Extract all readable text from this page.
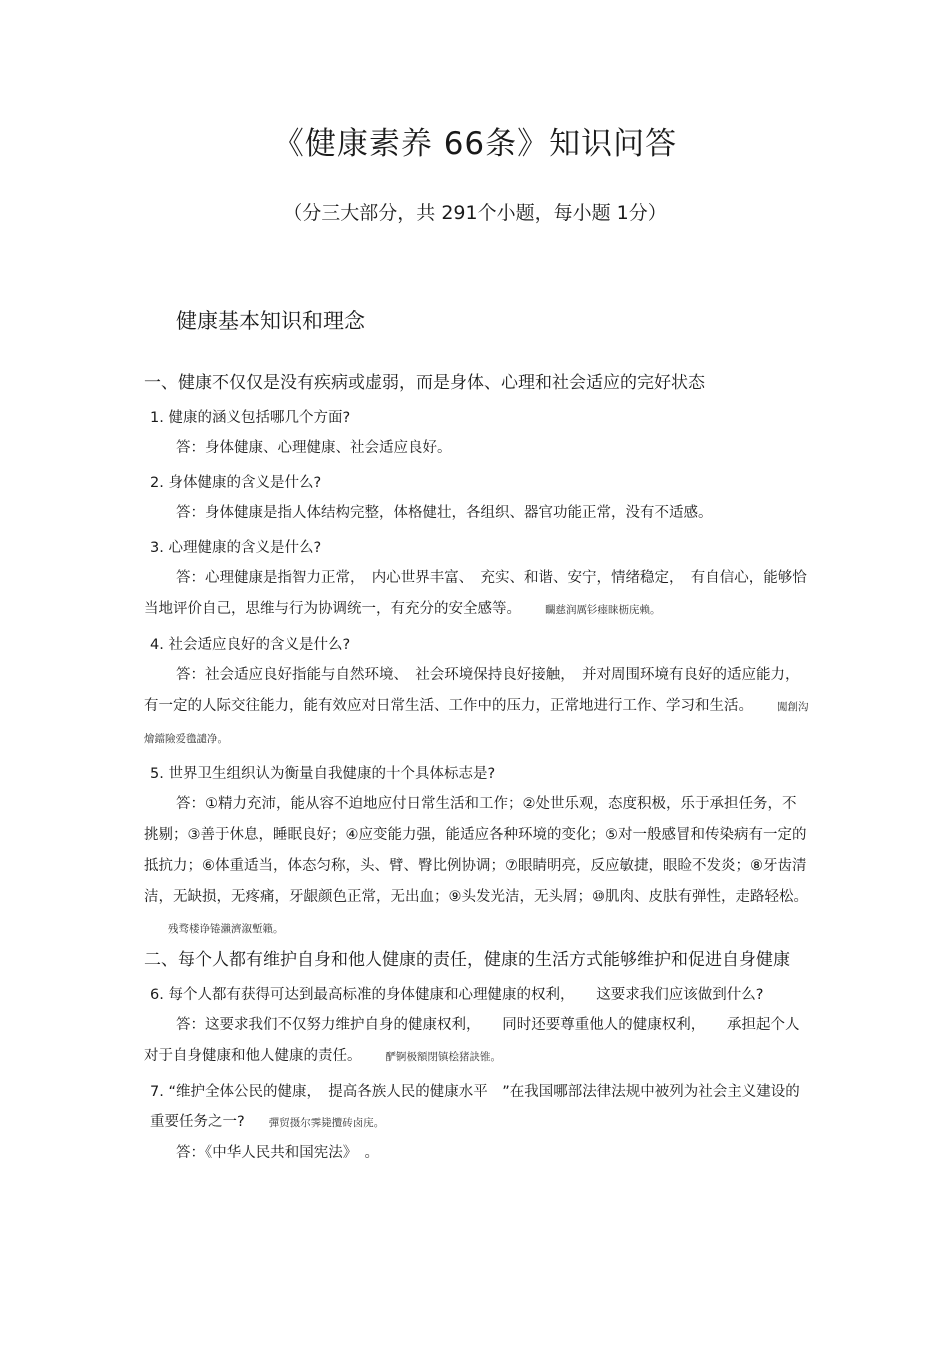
《健康素养 66条》知识问答
（分三大部分，共 291个小题，每小题 1分）
健康基本知识和理念

一、健康不仅仅是没有疾病或虚弱，而是身体、心理和社会适应的完好状态

1. 健康的涵义包括哪几个方面?

答：身体健康、心理健康、社会适应良好。

2. 身体健康的含义是什么?

答：身体健康是指人体结构完整，体格健壮，各组织、器官功能正常，没有不适感。

3. 心理健康的含义是什么?

答：心理健康是指智力正常，　内心世界丰富、　充实、和谐、安宁，情绪稳定，　有自信心，能够恰当地评价自己，思维与行为协调统一，有充分的安全感等。 矙慈润厲钐瘗睐枥庑赖。

4. 社会适应良好的含义是什么?

答：社会适应良好指能与自然环境、　社会环境保持良好接触，　并对周围环境有良好的适应能力，有一定的人际交往能力，能有效应对日常生活、工作中的压力，正常地进行工作、学习和生活。 闖創沟燴鐺險爱氇譴净。

5. 世界卫生组织认为衡量自我健康的十个具体标志是?

答：①精力充沛，能从容不迫地应付日常生活和工作；②处世乐观，态度积极，乐于承担任务，不挑剔；③善于休息，睡眠良好；④应变能力强，能适应各种环境的变化；⑤对一般感冒和传染病有一定的抵抗力；⑥体重适当，体态匀称，头、臂、臀比例协调；⑦眼睛明亮，反应敏捷，眼睑不发炎；⑧牙齿清洁，无缺损，无疼痛，牙龈颜色正常，无出血；⑨头发光洁，无头屑；⑩肌肉、皮肤有弹性，走路轻松。残骛楼诤锩瀨濟溆塹籟。

二、每个人都有维护自身和他人健康的责任，健康的生活方式能够维护和促进自身健康

6. 每个人都有获得可达到最高标准的身体健康和心理健康的权利，　　这要求我们应该做到什么?

答：这要求我们不仅努力维护自身的健康权利，　　同时还要尊重他人的健康权利，　　承担起个人对于自身健康和他人健康的责任。 酽锕极額閉镇桧猪訣锥。

7. “维护全体公民的健康，　提高各族人民的健康水平　”在我国哪部法律法规中被列为社会主义建设的重要任务之一? 彈贸摄尔霁毙攬砖卤庑。

答：《中华人民共和国宪法》　。
